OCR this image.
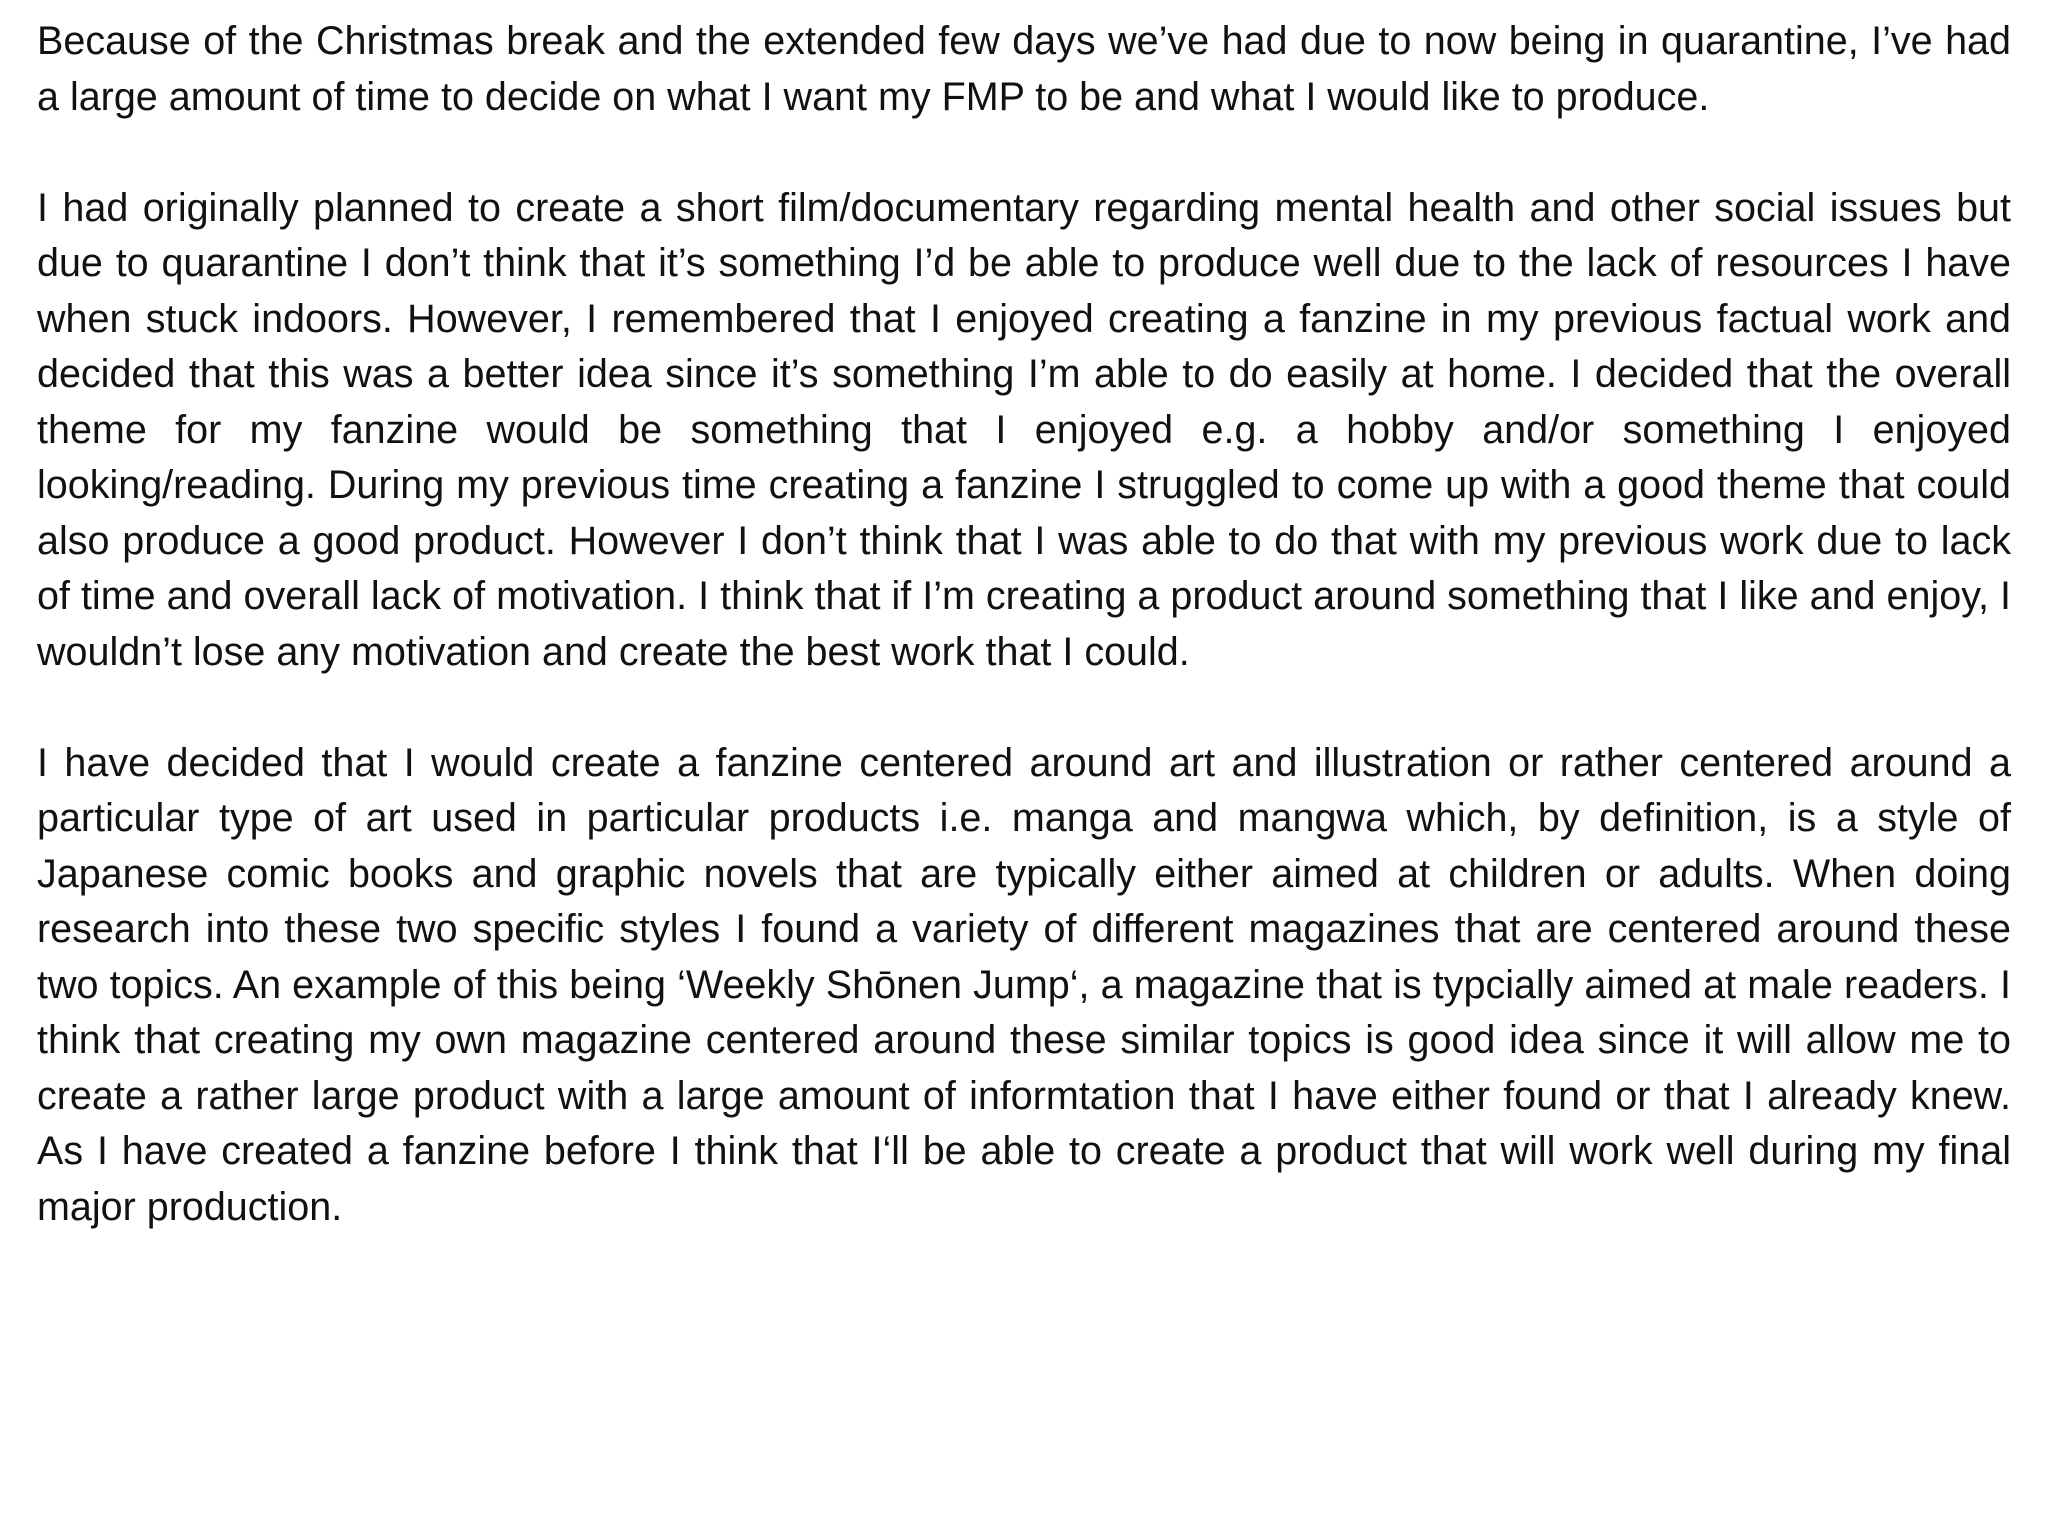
Because of the Christmas break and the extended few days we’ve had due to now being in quarantine, I’ve had a large amount of time to decide on what I want my FMP to be and what I would like to produce.

I had originally planned to create a short film/documentary regarding mental health and other social issues but due to quarantine I don’t think that it’s something I’d be able to produce well due to the lack of resources I have when stuck indoors. However, I remembered that I enjoyed creating a fanzine in my previous factual work and decided that this was a better idea since it’s something I’m able to do easily at home. I decided that the overall theme for my fanzine would be something that I enjoyed e.g. a hobby and/or something I enjoyed looking/reading. During my previous time creating a fanzine I struggled to come up with a good theme that could also produce a good product. However I don’t think that I was able to do that with my previous work due to lack of time and overall lack of motivation. I think that if I’m creating a product around something that I like and enjoy, I wouldn’t lose any motivation and create the best work that I could.

I have decided that I would create a fanzine centered around art and illustration or rather centered around a particular type of art used in particular products i.e. manga and mangwa which, by definition, is a style of Japanese comic books and graphic novels that are typically either aimed at children or adults. When doing research into these two specific styles I found a variety of different magazines that are centered around these two topics. An example of this being ‘Weekly Shōnen Jump‘, a magazine that is typcially aimed at male readers. I think that creating my own magazine centered around these similar topics is good idea since it will allow me to create a rather large product with a large amount of informtation that I have either found or that I already knew. As I have created a fanzine before I think that I‘ll be able to create a product that will work well during my final major production.
